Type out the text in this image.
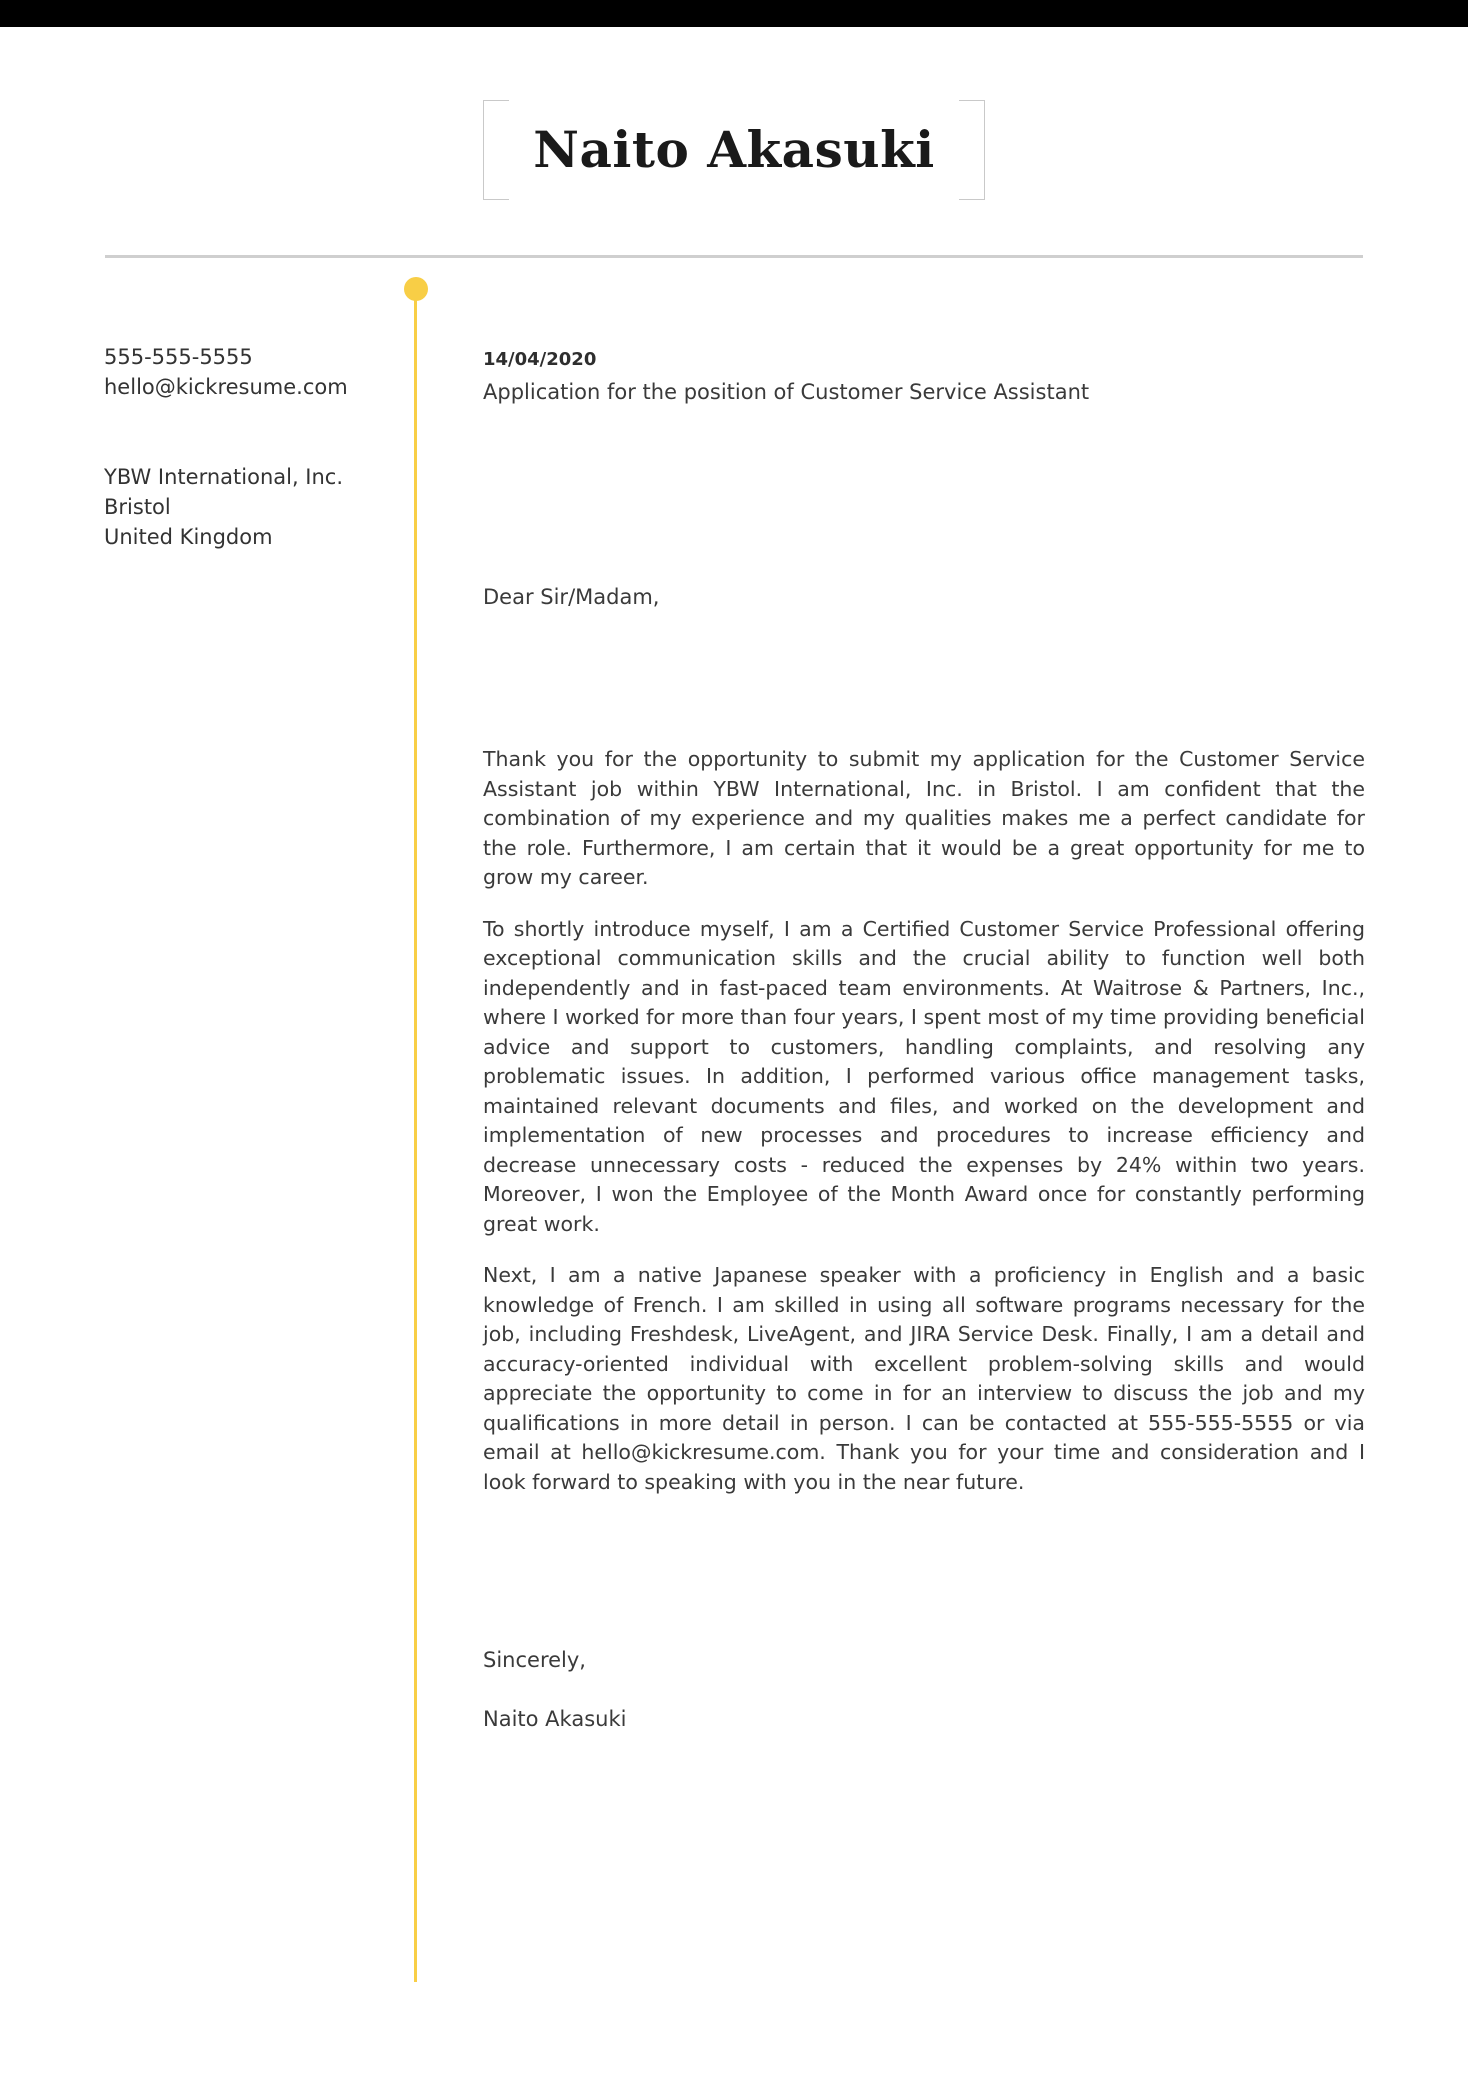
Naito Akasuki
555-555-5555
hello@kickresume.com
YBW International, Inc.
Bristol
United Kingdom
14/04/2020
Application for the position of Customer Service Assistant
Dear Sir/Madam,

Thank you for the opportunity to submit my application for the Customer Service Assistant job within YBW International, Inc. in Bristol. I am confident that the combination of my experience and my qualities makes me a perfect candidate for the role. Furthermore, I am certain that it would be a great opportunity for me to grow my career.

To shortly introduce myself, I am a Certified Customer Service Professional offering exceptional communication skills and the crucial ability to function well both independently and in fast-paced team environments. At Waitrose & Partners, Inc., where I worked for more than four years, I spent most of my time providing beneficial advice and support to customers, handling complaints, and resolving any problematic issues. In addition, I performed various office management tasks, maintained relevant documents and files, and worked on the development and implementation of new processes and procedures to increase efficiency and decrease unnecessary costs - reduced the expenses by 24% within two years. Moreover, I won the Employee of the Month Award once for constantly performing great work.

Next, I am a native Japanese speaker with a proficiency in English and a basic knowledge of French. I am skilled in using all software programs necessary for the job, including Freshdesk, LiveAgent, and JIRA Service Desk. Finally, I am a detail and accuracy-oriented individual with excellent problem-solving skills and would appreciate the opportunity to come in for an interview to discuss the job and my qualifications in more detail in person. I can be contacted at 555-555-5555 or via email at hello@kickresume.com. Thank you for your time and consideration and I look forward to speaking with you in the near future.

Sincerely,
Naito Akasuki
